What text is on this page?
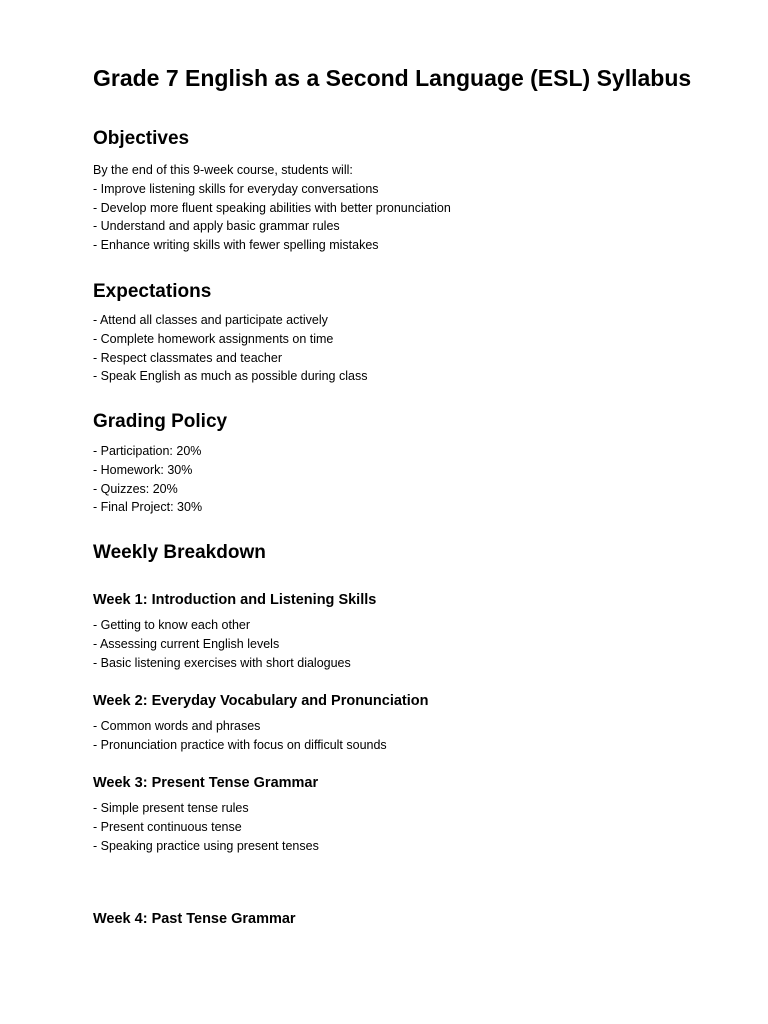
Grade 7 English as a Second Language (ESL) Syllabus
Objectives
By the end of this 9-week course, students will:
- Improve listening skills for everyday conversations
- Develop more fluent speaking abilities with better pronunciation
- Understand and apply basic grammar rules
- Enhance writing skills with fewer spelling mistakes
Expectations
- Attend all classes and participate actively
- Complete homework assignments on time
- Respect classmates and teacher
- Speak English as much as possible during class
Grading Policy
- Participation: 20%
- Homework: 30%
- Quizzes: 20%
- Final Project: 30%
Weekly Breakdown
Week 1: Introduction and Listening Skills
- Getting to know each other
- Assessing current English levels
- Basic listening exercises with short dialogues
Week 2: Everyday Vocabulary and Pronunciation
- Common words and phrases
- Pronunciation practice with focus on difficult sounds
Week 3: Present Tense Grammar
- Simple present tense rules
- Present continuous tense
- Speaking practice using present tenses
Week 4: Past Tense Grammar
